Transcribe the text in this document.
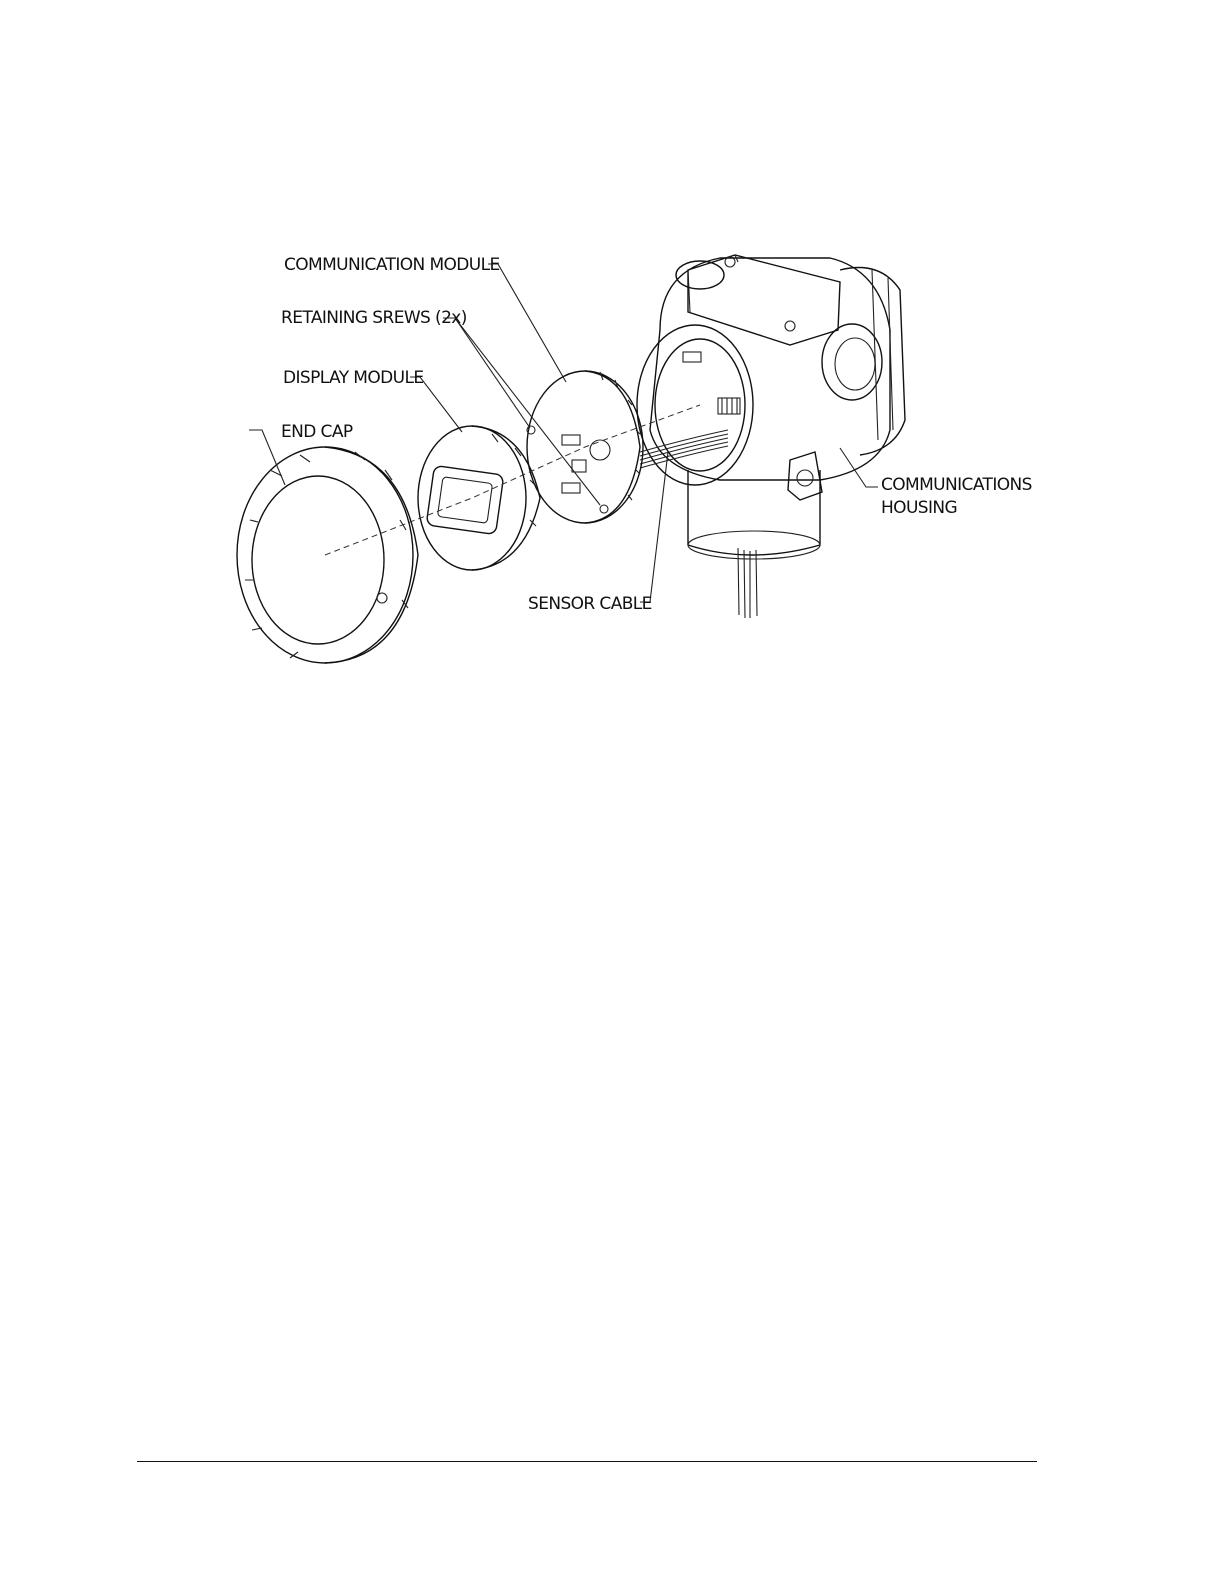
COMMUNICATION MODULE
RETAINING SREWS (2x)
DISPLAY MODULE
END CAP
COMMUNICATIONS
HOUSING
SENSOR CABLE
